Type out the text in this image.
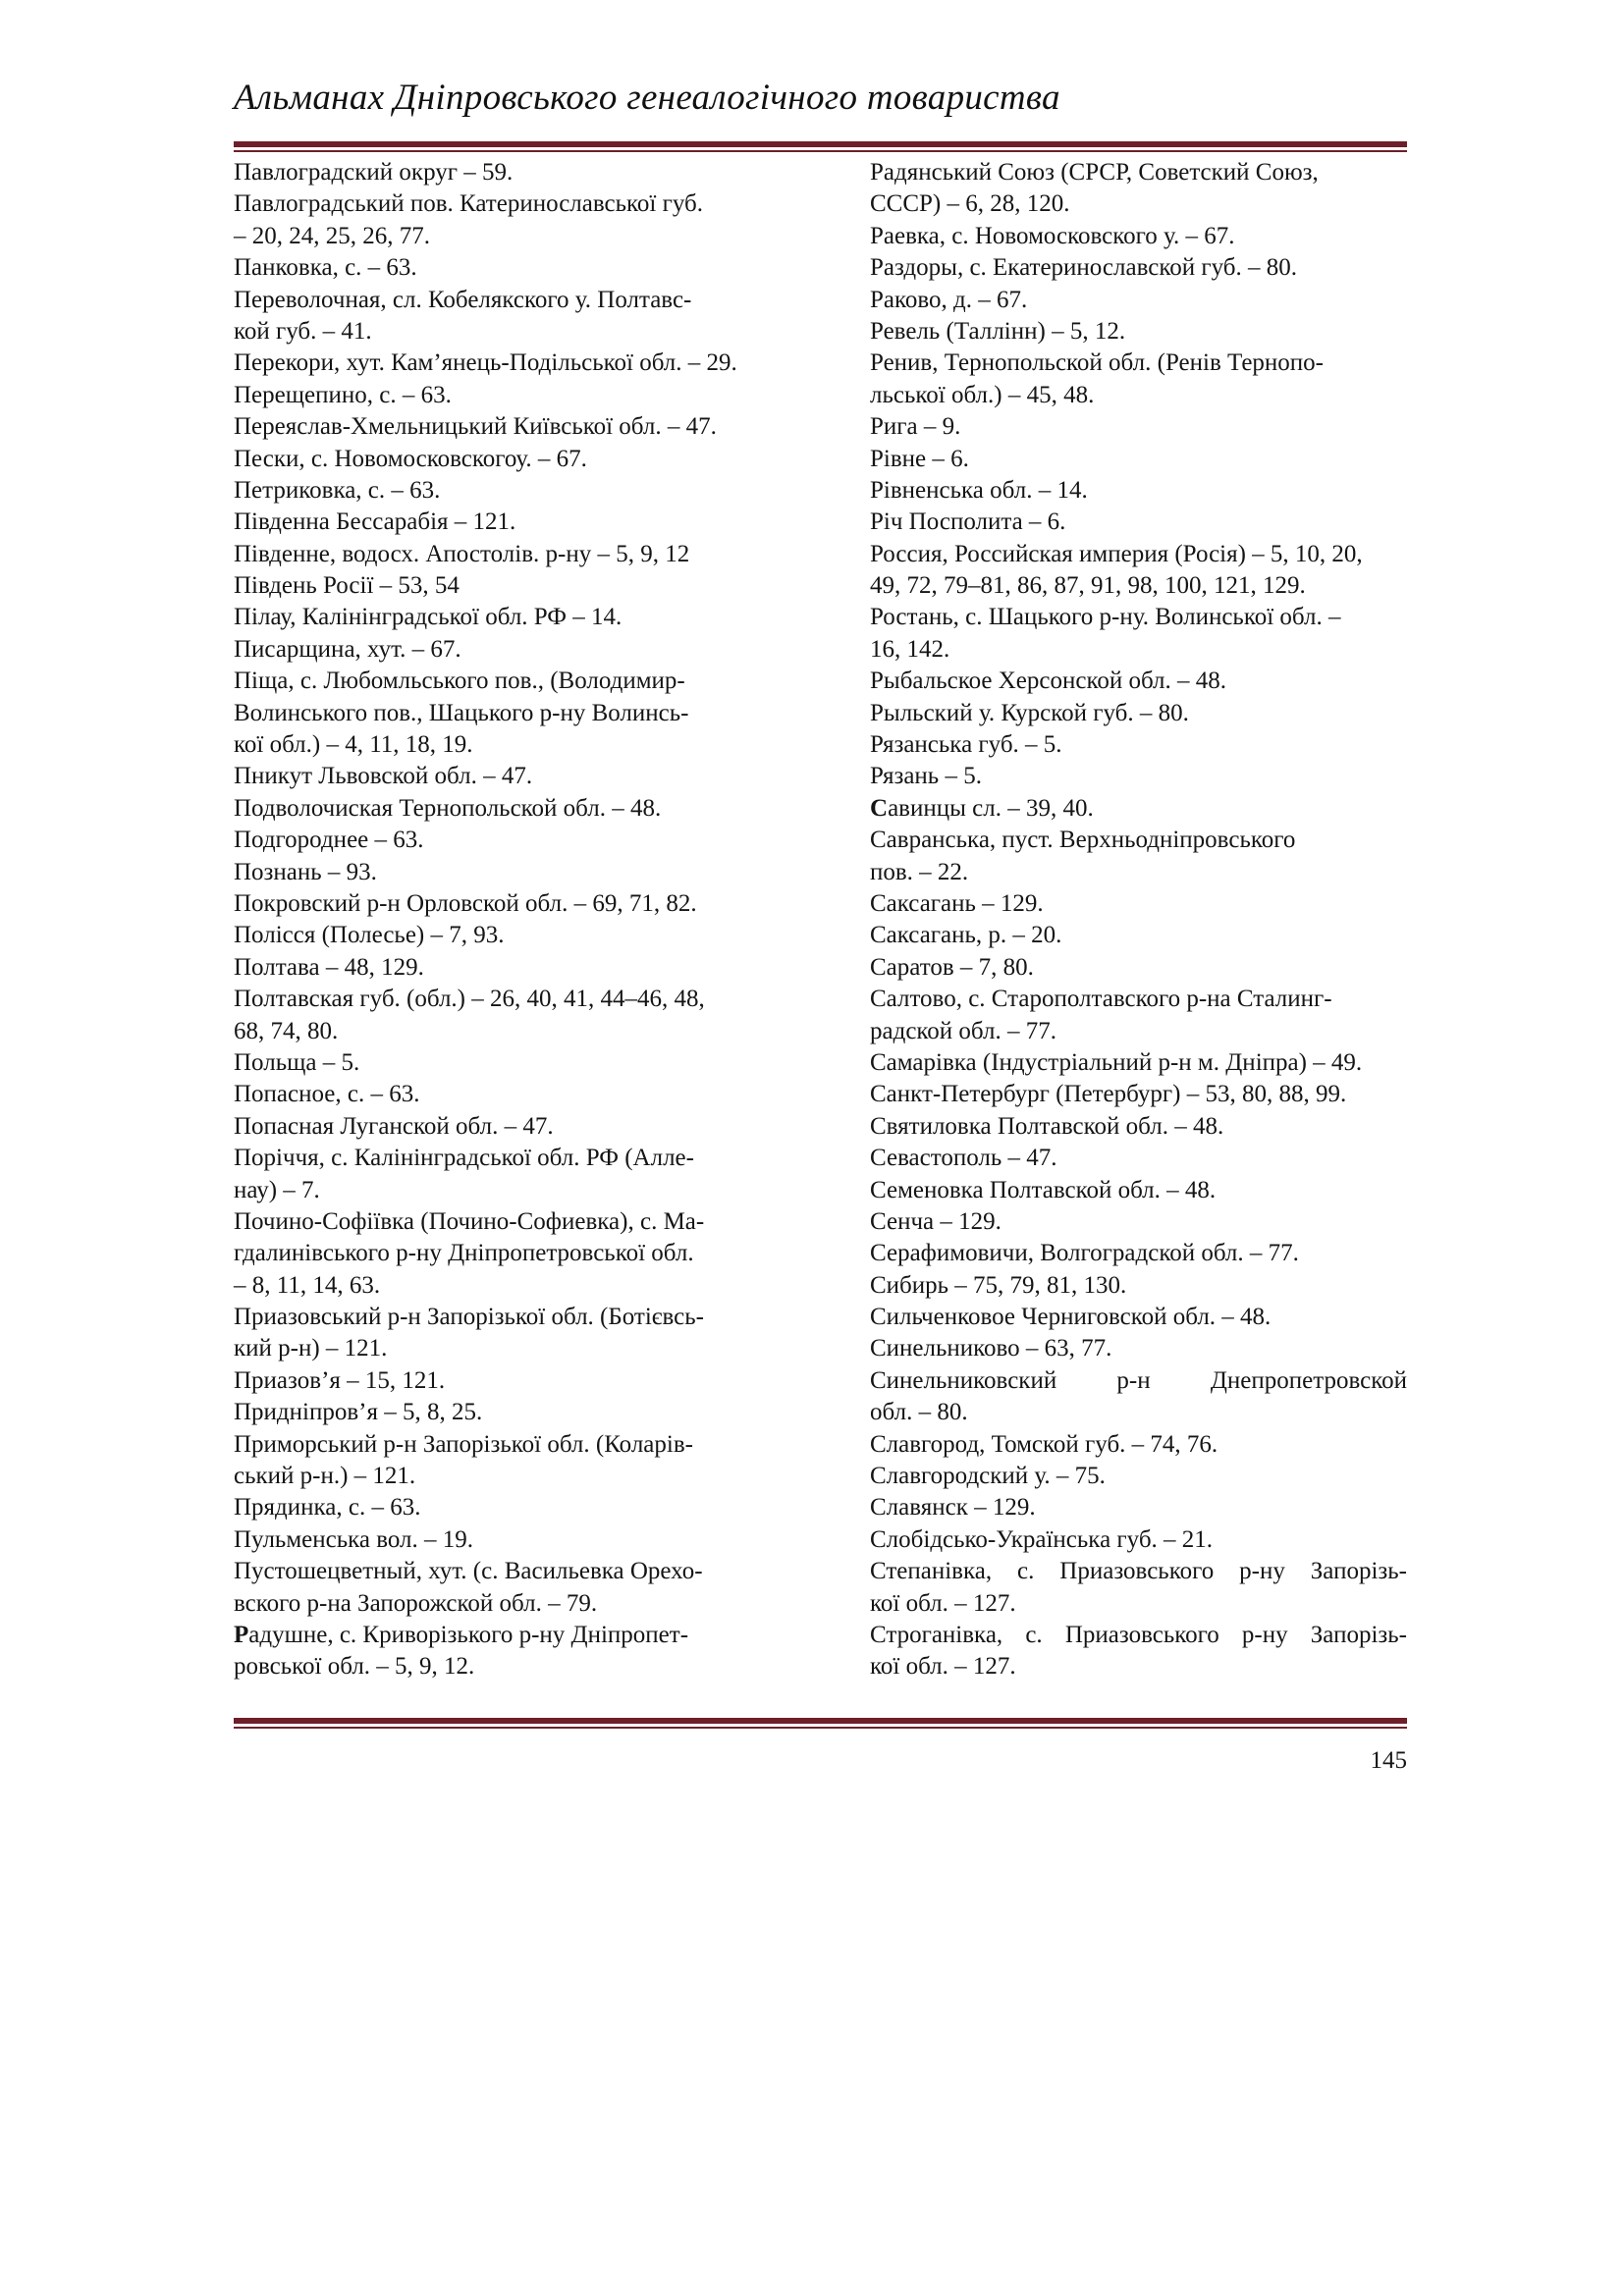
Альманах Дніпровського генеалогічного товариства
Павлоградский округ – 59.
Павлоградський пов. Катеринославської губ.
– 20, 24, 25, 26, 77.
Панковка, с. – 63.
Переволочная, сл. Кобелякского у. Полтавс-
кой губ. – 41.
Перекори, хут. Кам’янець-Подільської обл. – 29.
Перещепино, с. – 63.
Переяслав-Хмельницький Київської обл. – 47.
Пески, с. Новомосковскогоу. – 67.
Петриковка, с. – 63.
Південна Бессарабія – 121.
Південне, водосх. Апостолів. р-ну – 5, 9, 12
Південь Росії – 53, 54
Пілау, Калінінградської обл. РФ – 14.
Писарщина, хут. – 67.
Піща, с. Любомльського пов., (Володимир-
Волинського пов., Шацького р-ну Волинсь-
кої обл.) – 4, 11, 18, 19.
Пникут Львовской обл. – 47.
Подволочиская Тернопольской обл. – 48.
Подгороднее – 63.
Познань – 93.
Покровский р-н Орловской обл. – 69, 71, 82.
Полісся (Полесье) – 7, 93.
Полтава – 48, 129.
Полтавская губ. (обл.) – 26, 40, 41, 44–46, 48,
68, 74, 80.
Польща – 5.
Попасное, с. – 63.
Попасная Луганской обл. – 47.
Поріччя, с. Калінінградської обл. РФ (Алле-
нау) – 7.
Почино-Софіївка (Почино-Софиевка), с. Ма-
гдалинівського р-ну Дніпропетровської обл.
– 8, 11, 14, 63.
Приазовський р-н Запорізької обл. (Ботієвсь-
кий р-н) – 121.
Приазов’я – 15, 121.
Придніпров’я – 5, 8, 25.
Приморський р-н Запорізької обл. (Коларів-
ський р-н.) – 121.
Прядинка, с. – 63.
Пульменська вол. – 19.
Пустошецветный, хут. (с. Васильевка Орехо-
вского р-на Запорожской обл. – 79.
Радушне, с. Криворізького р-ну Дніпропет-
ровської обл. – 5, 9, 12.
Радянський Союз (СРСР, Советский Союз,
СССР) – 6, 28, 120.
Раевка, с. Новомосковского у. – 67.
Раздоры, с. Екатеринославской губ. – 80.
Раково, д. – 67.
Ревель (Таллінн) – 5, 12.
Ренив, Тернопольской обл. (Ренів Тернопо-
льської обл.) – 45, 48.
Рига – 9.
Рівне – 6.
Рівненська обл. – 14.
Річ Посполита – 6.
Россия, Российская империя (Росія) – 5, 10, 20,
49, 72, 79–81, 86, 87, 91, 98, 100, 121, 129.
Ростань, с. Шацького р-ну. Волинської обл. –
16, 142.
Рыбальское Херсонской обл. – 48.
Рыльский у. Курской губ. – 80.
Рязанська губ. – 5.
Рязань – 5.
Савинцы сл. – 39, 40.
Савранська, пуст. Верхньодніпровського
пов. – 22.
Саксагань – 129.
Саксагань, р. – 20.
Саратов – 7, 80.
Салтово, с. Старополтавского р-на Сталинг-
радской обл. – 77.
Самарівка (Індустріальний р-н м. Дніпра) – 49.
Санкт-Петербург (Петербург) – 53, 80, 88, 99.
Святиловка Полтавской обл. – 48.
Севастополь – 47.
Семеновка Полтавской обл. – 48.
Сенча – 129.
Серафимовичи, Волгоградской обл. – 77.
Сибирь – 75, 79, 81, 130.
Сильченковое Черниговской обл. – 48.
Синельниково – 63, 77.
Синельниковский р-н Днепропетровской
обл. – 80.
Славгород, Томской губ. – 74, 76.
Славгородский у. – 75.
Славянск – 129.
Слобідсько-Українська губ. – 21.
Степанівка, с. Приазовського р-ну Запорізь-
кої обл. – 127.
Строганівка, с. Приазовського р-ну Запорізь-
кої обл. – 127.
145
